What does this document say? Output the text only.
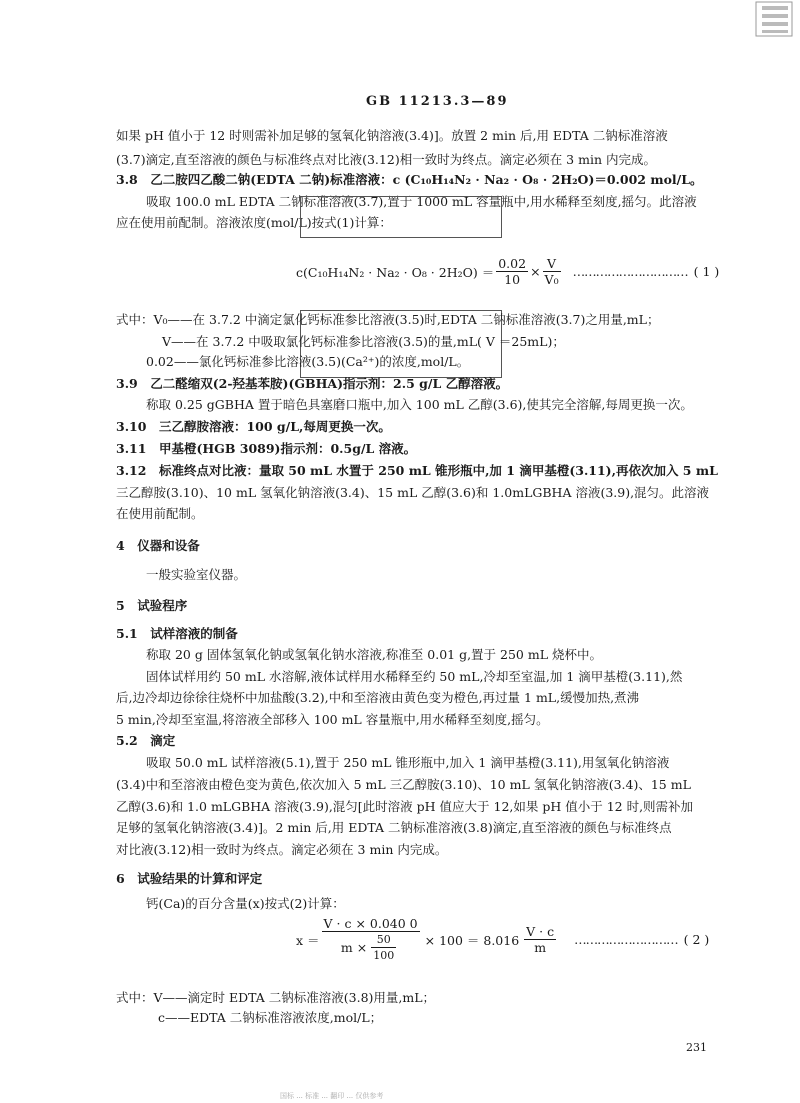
GB 11213.3—89
如果 pH 值小于 12 时则需补加足够的氢氧化钠溶液(3.4)]。放置 2 min 后,用 EDTA 二钠标准溶液
(3.7)滴定,直至溶液的颜色与标准终点对比液(3.12)相一致时为终点。滴定必须在 3 min 内完成。
3.8　乙二胺四乙酸二钠(EDTA 二钠)标准溶液：c (C₁₀H₁₄N₂ · Na₂ · O₈ · 2H₂O)＝0.002 mol/L。
吸取 100.0 mL EDTA 二钠标准溶液(3.7),置于 1000 mL 容量瓶中,用水稀释至刻度,摇匀。此溶液
应在使用前配制。溶液浓度(mol/L)按式(1)计算：
$c(C_{10}H_{14}N_2 \cdot Na_2 \cdot O_8 \cdot 2H_2O) = \frac{0.02}{10} \times \frac{V}{\text{V₀}}$ ………………………… ( 1 )
式中：V₀——在 3.7.2 中滴定氯化钙标准参比溶液(3.5)时,EDTA 二钠标准溶液(3.7)之用量,mL；
V——在 3.7.2 中吸取氯化钙标准参比溶液(3.5)的量,mL( V ＝25mL)；
0.02——氯化钙标准参比溶液(3.5)(Ca²⁺)的浓度,mol/L。
3.9　乙二醛缩双(2-羟基苯胺)(GBHA)指示剂：2.5 g/L 乙醇溶液。
称取 0.25 gGBHA 置于暗色具塞磨口瓶中,加入 100 mL 乙醇(3.6),使其完全溶解,每周更换一次。
3.10　三乙醇胺溶液：100 g/L,每周更换一次。
3.11　甲基橙(HGB 3089)指示剂：0.5g/L 溶液。
3.12　标准终点对比液：量取 50 mL 水置于 250 mL 锥形瓶中,加 1 滴甲基橙(3.11),再依次加入 5 mL
三乙醇胺(3.10)、10 mL 氢氧化钠溶液(3.4)、15 mL 乙醇(3.6)和 1.0mLGBHA 溶液(3.9),混匀。此溶液
在使用前配制。
4　仪器和设备
一般实验室仪器。
5　试验程序
5.1　试样溶液的制备
称取 20 g 固体氢氧化钠或氢氧化钠水溶液,称准至 0.01 g,置于 250 mL 烧杯中。
固体试样用约 50 mL 水溶解,液体试样用水稀释至约 50 mL,冷却至室温,加 1 滴甲基橙(3.11),然
后,边冷却边徐徐往烧杯中加盐酸(3.2),中和至溶液由黄色变为橙色,再过量 1 mL,缓慢加热,煮沸
5 min,冷却至室温,将溶液全部移入 100 mL 容量瓶中,用水稀释至刻度,摇匀。
5.2　滴定
吸取 50.0 mL 试样溶液(5.1),置于 250 mL 锥形瓶中,加入 1 滴甲基橙(3.11),用氢氧化钠溶液
(3.4)中和至溶液由橙色变为黄色,依次加入 5 mL 三乙醇胺(3.10)、10 mL 氢氧化钠溶液(3.4)、15 mL
乙醇(3.6)和 1.0 mLGBHA 溶液(3.9),混匀[此时溶液 pH 值应大于 12,如果 pH 值小于 12 时,则需补加
足够的氢氧化钠溶液(3.4)]。2 min 后,用 EDTA 二钠标准溶液(3.8)滴定,直至溶液的颜色与标准终点
对比液(3.12)相一致时为终点。滴定必须在 3 min 内完成。
6　试验结果的计算和评定
钙(Ca)的百分含量(x)按式(2)计算：
$x = \frac{V \cdot c \times 0.040 0}{m \times \frac{50}{100}} \times 100 = 8.016 \frac{V \cdot c}{m}$ ……………………… ( 2 )
式中：V——滴定时 EDTA 二钠标准溶液(3.8)用量,mL；
c——EDTA 二钠标准溶液浓度,mol/L；
231
国标 ... 标准 ... 翻印 ... 仅供参考
